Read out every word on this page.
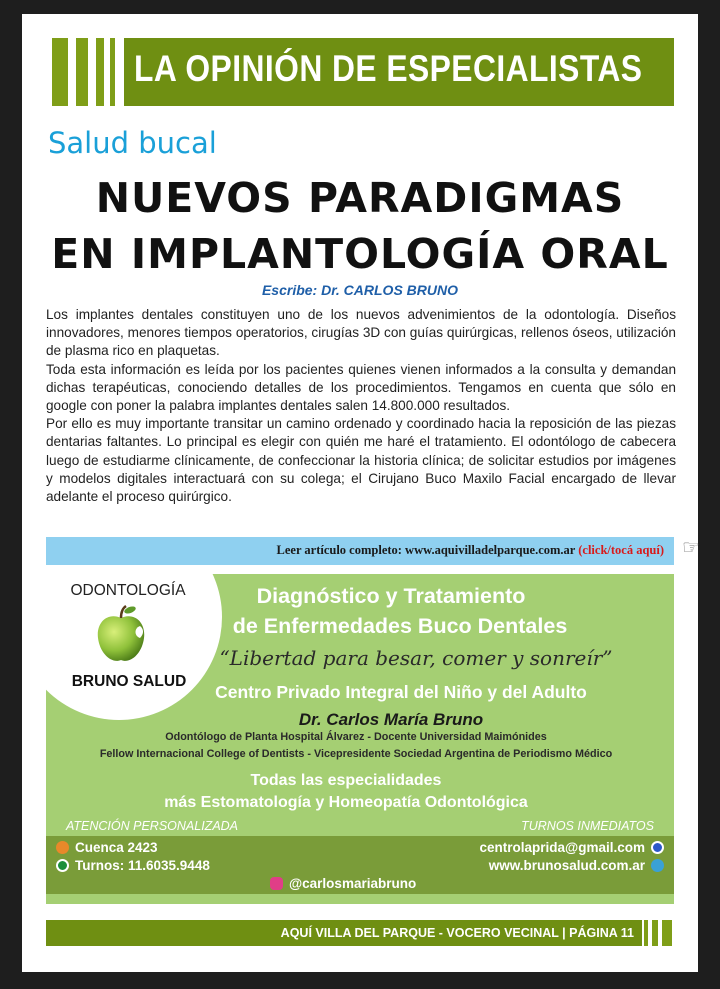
LA OPINIÓN DE ESPECIALISTAS
Salud bucal
NUEVOS PARADIGMAS
EN IMPLANTOLOGÍA ORAL
Escribe: Dr. CARLOS BRUNO

Los implantes dentales constituyen uno de los nuevos advenimientos de la odontología. Diseños innovadores, menores tiempos operatorios, cirugías 3D con guías quirúrgicas, rellenos óseos, utilización de plasma rico en plaquetas.

Toda esta información es leída por los pacientes quienes vienen informados a la consulta y demandan dichas terapéuticas, conociendo detalles de los procedimientos. Tengamos en cuenta que sólo en google con poner la palabra implantes dentales salen 14.800.000 resultados.

Por ello es muy importante transitar un camino ordenado y coordinado hacia la reposición de las piezas dentarias faltantes. Lo principal es elegir con quién me haré el tratamiento. El odontólogo de cabecera luego de estudiarme clínicamente, de confeccionar la historia clínica; de solicitar estudios por imágenes y modelos digitales interactuará con su colega; el Cirujano Buco Maxilo Facial encargado de llevar adelante el proceso quirúrgico.

Leer artículo completo: www.aquivilladelparque.com.ar (click/tocá aquí) ☞
ODONTOLOGÍA
BRUNO SALUD
Diagnóstico y Tratamiento
de Enfermedades Buco Dentales
“Libertad para besar, comer y sonreír”
Centro Privado Integral del Niño y del Adulto
Dr. Carlos María Bruno
Odontólogo de Planta Hospital Álvarez - Docente Universidad Maimónides
Fellow Internacional College of Dentists - Vicepresidente Sociedad Argentina de Periodismo Médico
Todas las especialidades
más Estomatología y Homeopatía Odontológica
ATENCIÓN PERSONALIZADA	TURNOS INMEDIATOS
Cuenca 2423
Turnos: 11.6035.9448
@carlosmariabruno
centrolaprida@gmail.com
www.brunosalud.com.ar
AQUÍ VILLA DEL PARQUE - VOCERO VECINAL | PÁGINA 11
